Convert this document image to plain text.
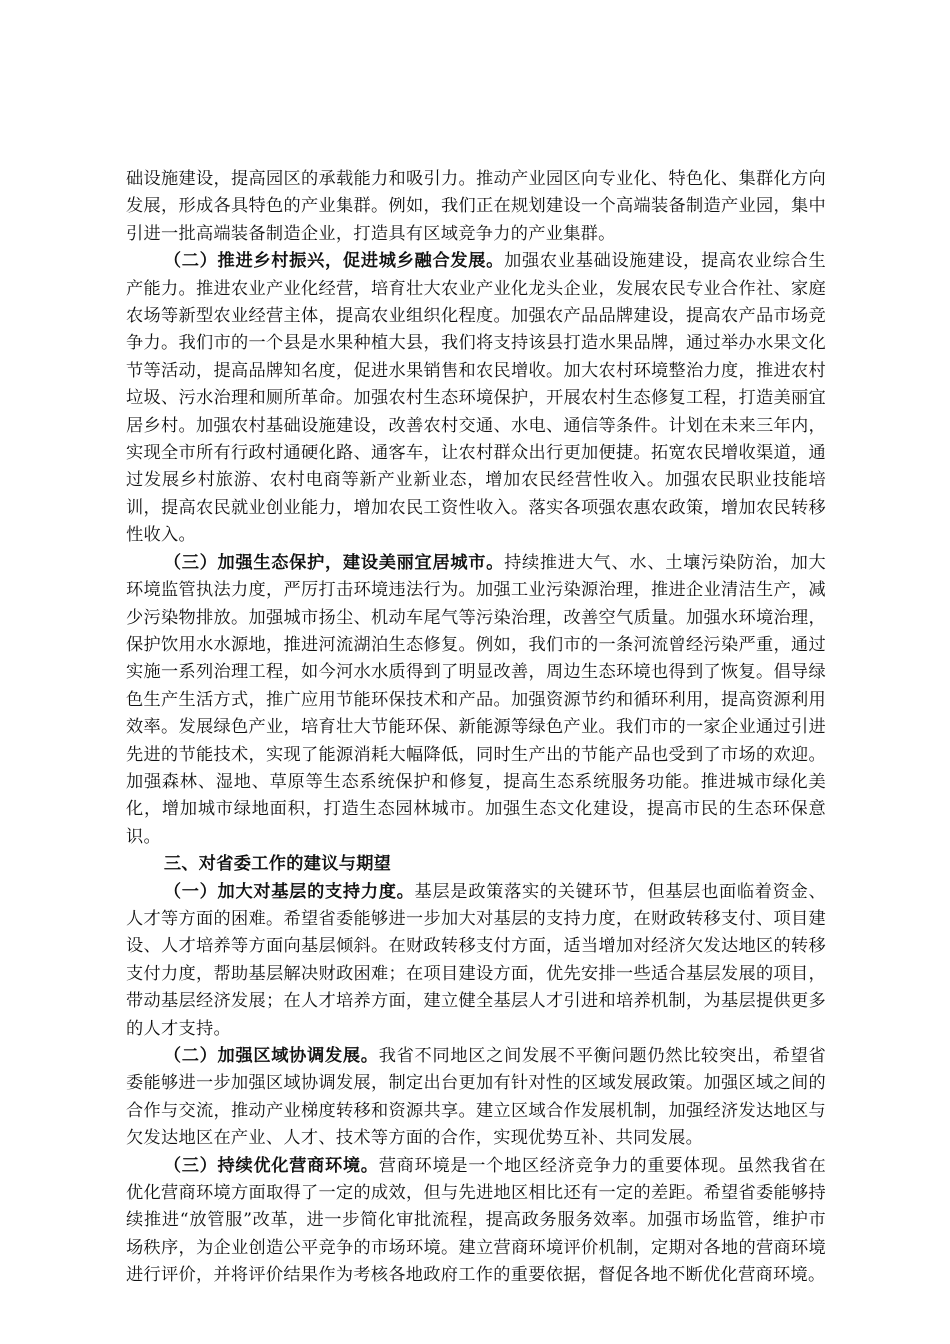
础设施建设，提高园区的承载能力和吸引力。推动产业园区向专业化、特色化、集群化方向发展，形成各具特色的产业集群。例如，我们正在规划建设一个高端装备制造产业园，集中引进一批高端装备制造企业，打造具有区域竞争力的产业集群。

（二）推进乡村振兴，促进城乡融合发展。加强农业基础设施建设，提高农业综合生产能力。推进农业产业化经营，培育壮大农业产业化龙头企业，发展农民专业合作社、家庭农场等新型农业经营主体，提高农业组织化程度。加强农产品品牌建设，提高农产品市场竞争力。我们市的一个县是水果种植大县，我们将支持该县打造水果品牌，通过举办水果文化节等活动，提高品牌知名度，促进水果销售和农民增收。加大农村环境整治力度，推进农村垃圾、污水治理和厕所革命。加强农村生态环境保护，开展农村生态修复工程，打造美丽宜居乡村。加强农村基础设施建设，改善农村交通、水电、通信等条件。计划在未来三年内，实现全市所有行政村通硬化路、通客车，让农村群众出行更加便捷。拓宽农民增收渠道，通过发展乡村旅游、农村电商等新产业新业态，增加农民经营性收入。加强农民职业技能培训，提高农民就业创业能力，增加农民工资性收入。落实各项强农惠农政策，增加农民转移性收入。

（三）加强生态保护，建设美丽宜居城市。持续推进大气、水、土壤污染防治，加大环境监管执法力度，严厉打击环境违法行为。加强工业污染源治理，推进企业清洁生产，减少污染物排放。加强城市扬尘、机动车尾气等污染治理，改善空气质量。加强水环境治理，保护饮用水水源地，推进河流湖泊生态修复。例如，我们市的一条河流曾经污染严重，通过实施一系列治理工程，如今河水水质得到了明显改善，周边生态环境也得到了恢复。倡导绿色生产生活方式，推广应用节能环保技术和产品。加强资源节约和循环利用，提高资源利用效率。发展绿色产业，培育壮大节能环保、新能源等绿色产业。我们市的一家企业通过引进先进的节能技术，实现了能源消耗大幅降低，同时生产出的节能产品也受到了市场的欢迎。加强森林、湿地、草原等生态系统保护和修复，提高生态系统服务功能。推进城市绿化美化，增加城市绿地面积，打造生态园林城市。加强生态文化建设，提高市民的生态环保意识。

三、对省委工作的建议与期望

（一）加大对基层的支持力度。基层是政策落实的关键环节，但基层也面临着资金、人才等方面的困难。希望省委能够进一步加大对基层的支持力度，在财政转移支付、项目建设、人才培养等方面向基层倾斜。在财政转移支付方面，适当增加对经济欠发达地区的转移支付力度，帮助基层解决财政困难；在项目建设方面，优先安排一些适合基层发展的项目，带动基层经济发展；在人才培养方面，建立健全基层人才引进和培养机制，为基层提供更多的人才支持。

（二）加强区域协调发展。我省不同地区之间发展不平衡问题仍然比较突出，希望省委能够进一步加强区域协调发展，制定出台更加有针对性的区域发展政策。加强区域之间的合作与交流，推动产业梯度转移和资源共享。建立区域合作发展机制，加强经济发达地区与欠发达地区在产业、人才、技术等方面的合作，实现优势互补、共同发展。

（三）持续优化营商环境。营商环境是一个地区经济竞争力的重要体现。虽然我省在优化营商环境方面取得了一定的成效，但与先进地区相比还有一定的差距。希望省委能够持续推进“放管服”改革，进一步简化审批流程，提高政务服务效率。加强市场监管，维护市场秩序，为企业创造公平竞争的市场环境。建立营商环境评价机制，定期对各地的营商环境进行评价，并将评价结果作为考核各地政府工作的重要依据，督促各地不断优化营商环境。
